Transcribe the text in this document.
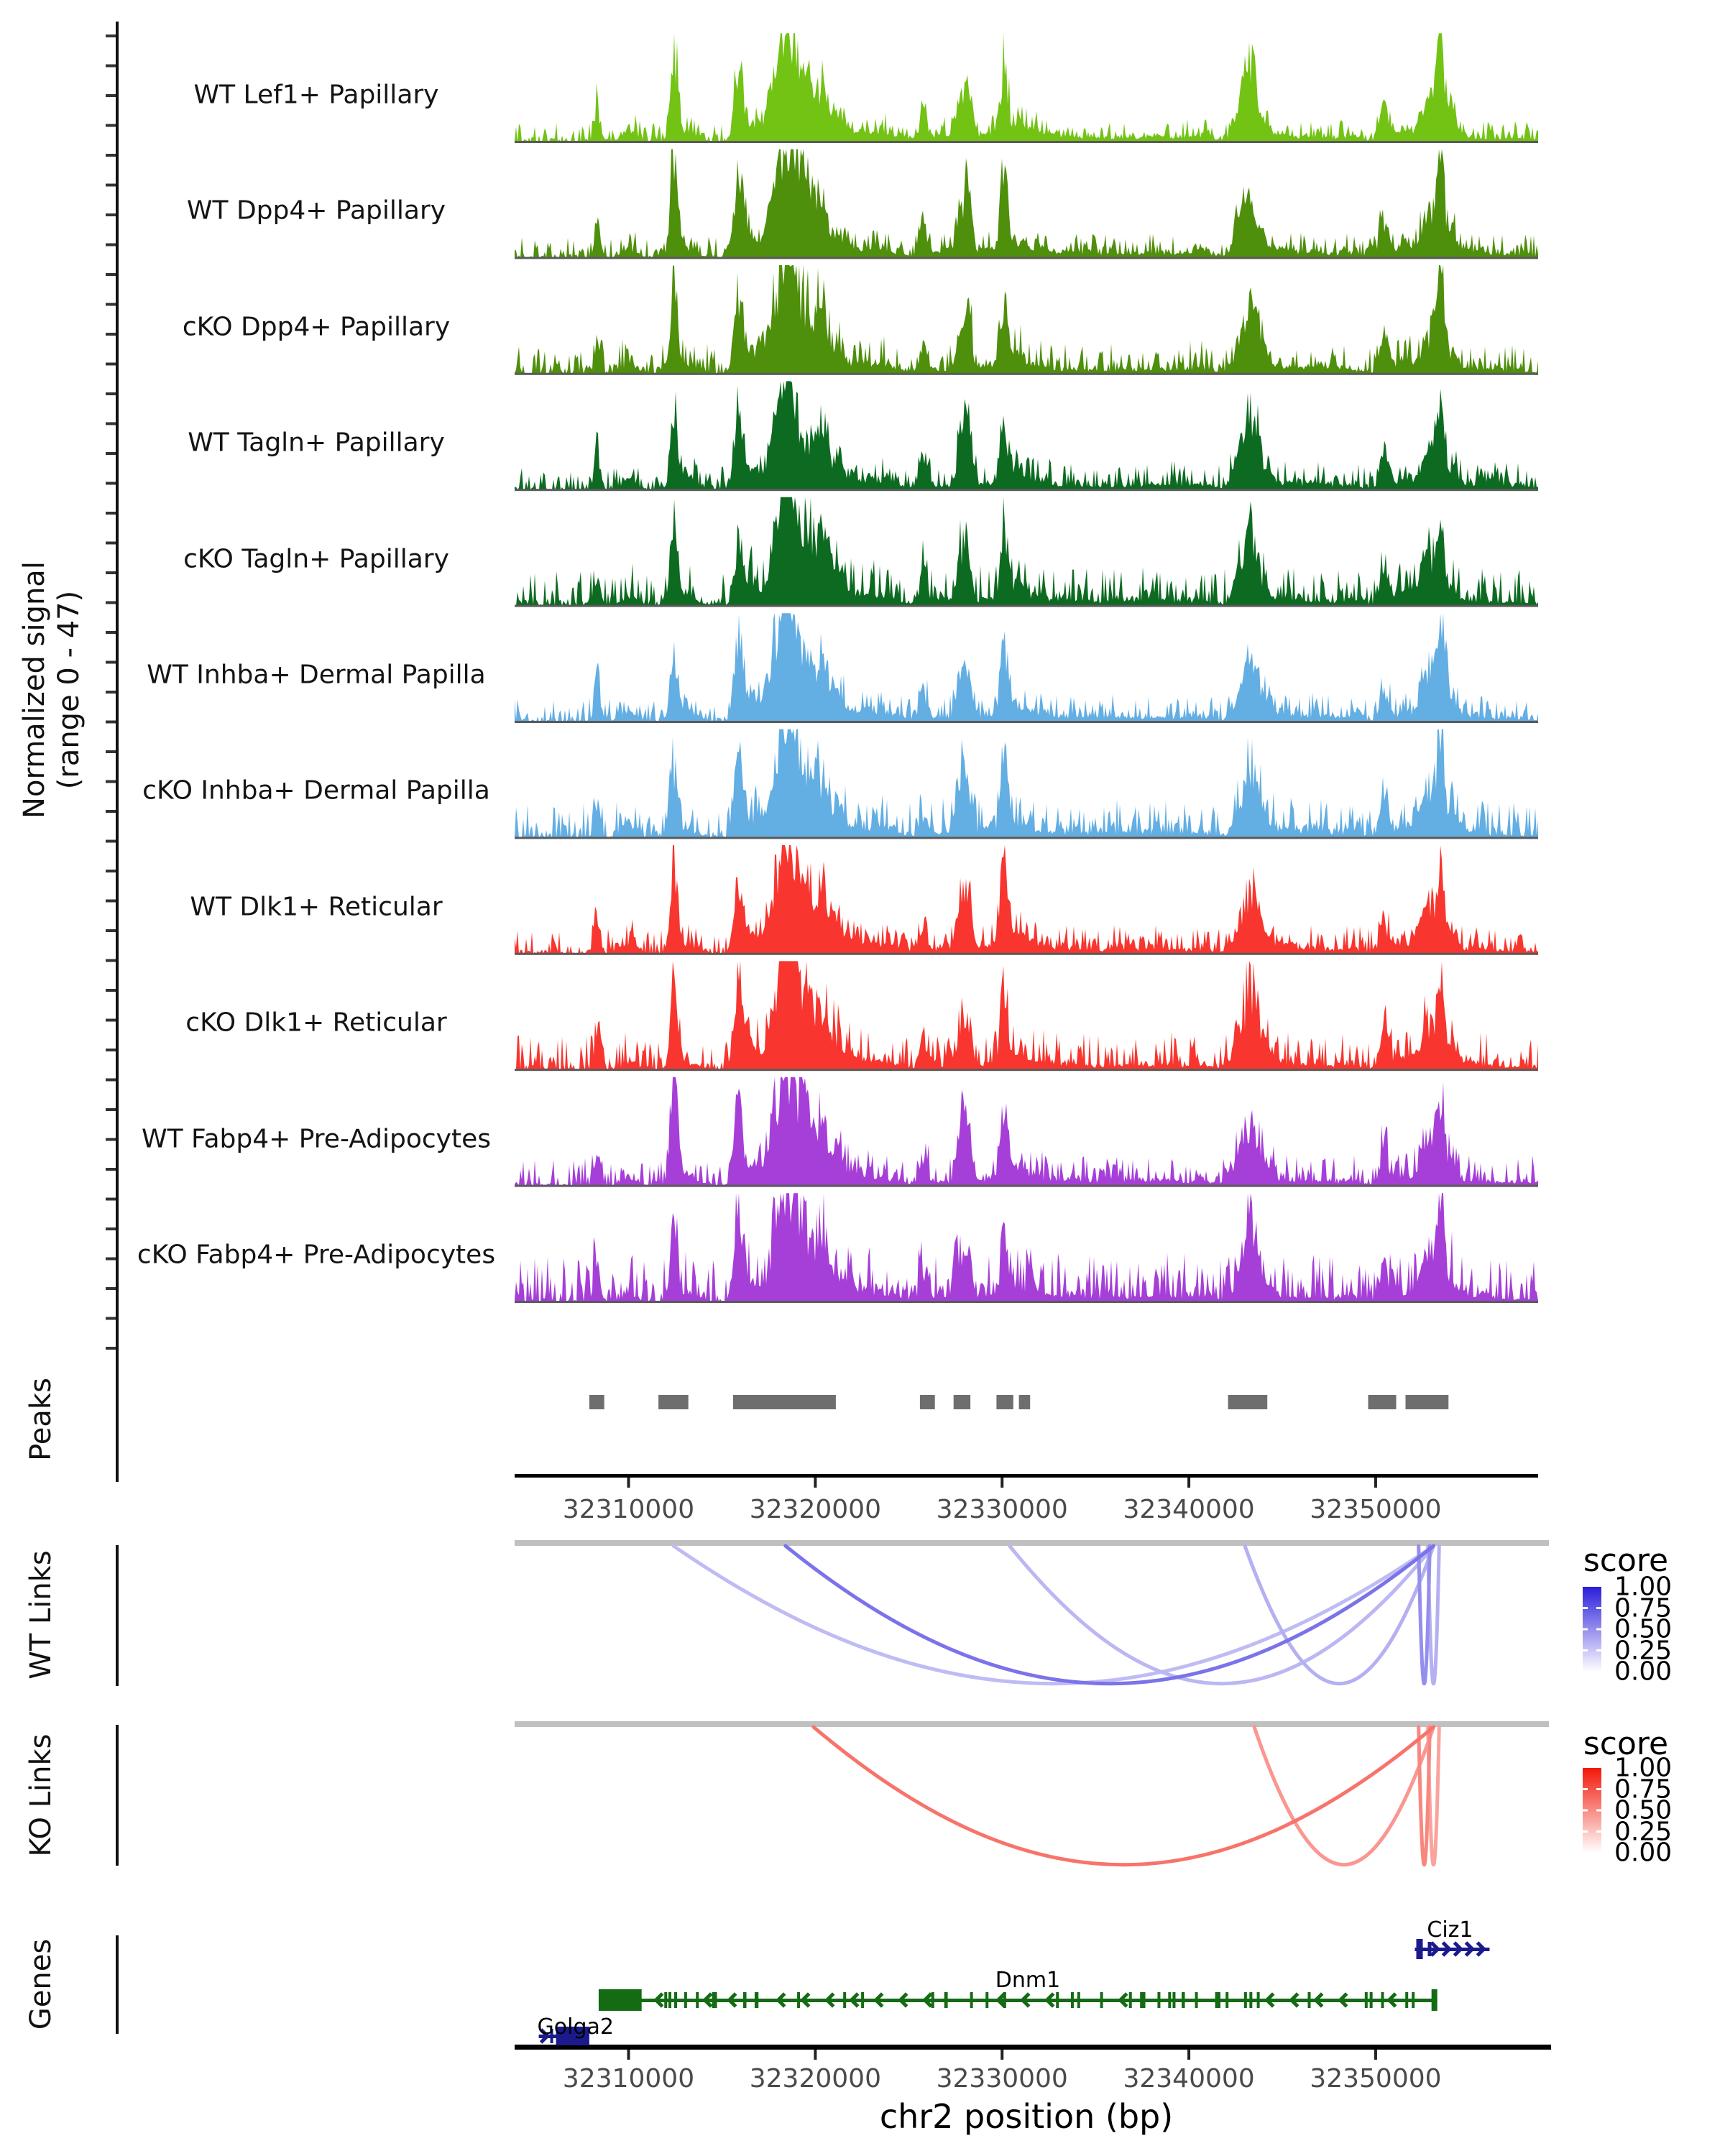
Normalized signal (range 0 - 47)
Peaks
WT Links
KO Links
Genes
score
score
chr2 position (bp)
WT Lef1+ Papillary
WT Dpp4+ Papillary
cKO Dpp4+ Papillary
WT Tagln+ Papillary
cKO Tagln+ Papillary
WT Inhba+ Dermal Papilla
cKO Inhba+ Dermal Papilla
WT Dlk1+ Reticular
cKO Dlk1+ Reticular
WT Fabp4+ Pre-Adipocytes
cKO Fabp4+ Pre-Adipocytes
32310000 32320000 32330000 32340000 32350000
32310000 32320000 32330000 32340000 32350000
1.00
0.75
0.50
0.25
0.00
1.00
0.75
0.50
0.25
0.00
Ciz1
Dnm1
Golga2
